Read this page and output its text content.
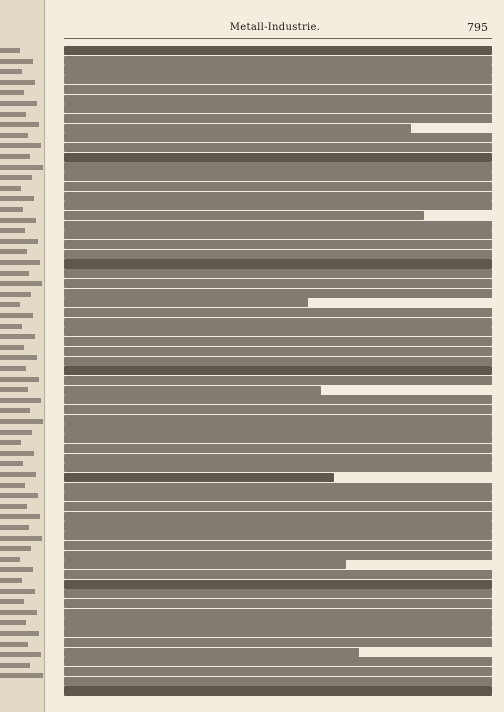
Metall-Industrie.	795
